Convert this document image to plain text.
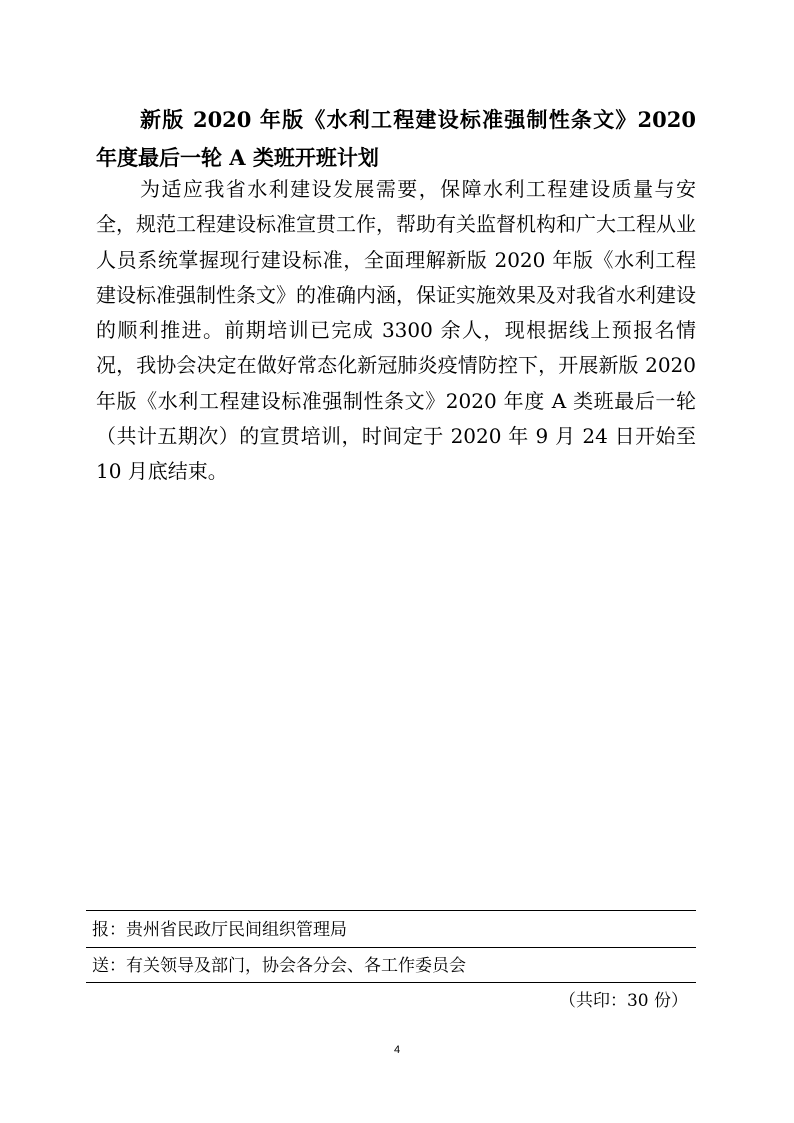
新版 2020 年版《水利工程建设标准强制性条文》2020 年度最后一轮 A 类班开班计划

为适应我省水利建设发展需要，保障水利工程建设质量与安全，规范工程建设标准宣贯工作，帮助有关监督机构和广大工程从业人员系统掌握现行建设标准，全面理解新版 2020 年版《水利工程建设标准强制性条文》的准确内涵，保证实施效果及对我省水利建设的顺利推进。前期培训已完成 3300 余人，现根据线上预报名情况，我协会决定在做好常态化新冠肺炎疫情防控下，开展新版 2020 年版《水利工程建设标准强制性条文》2020 年度 A 类班最后一轮（共计五期次）的宣贯培训，时间定于 2020 年 9 月 24 日开始至 10 月底结束。

报：贵州省民政厅民间组织管理局
送：有关领导及部门，协会各分会、各工作委员会
（共印：30 份）
4
